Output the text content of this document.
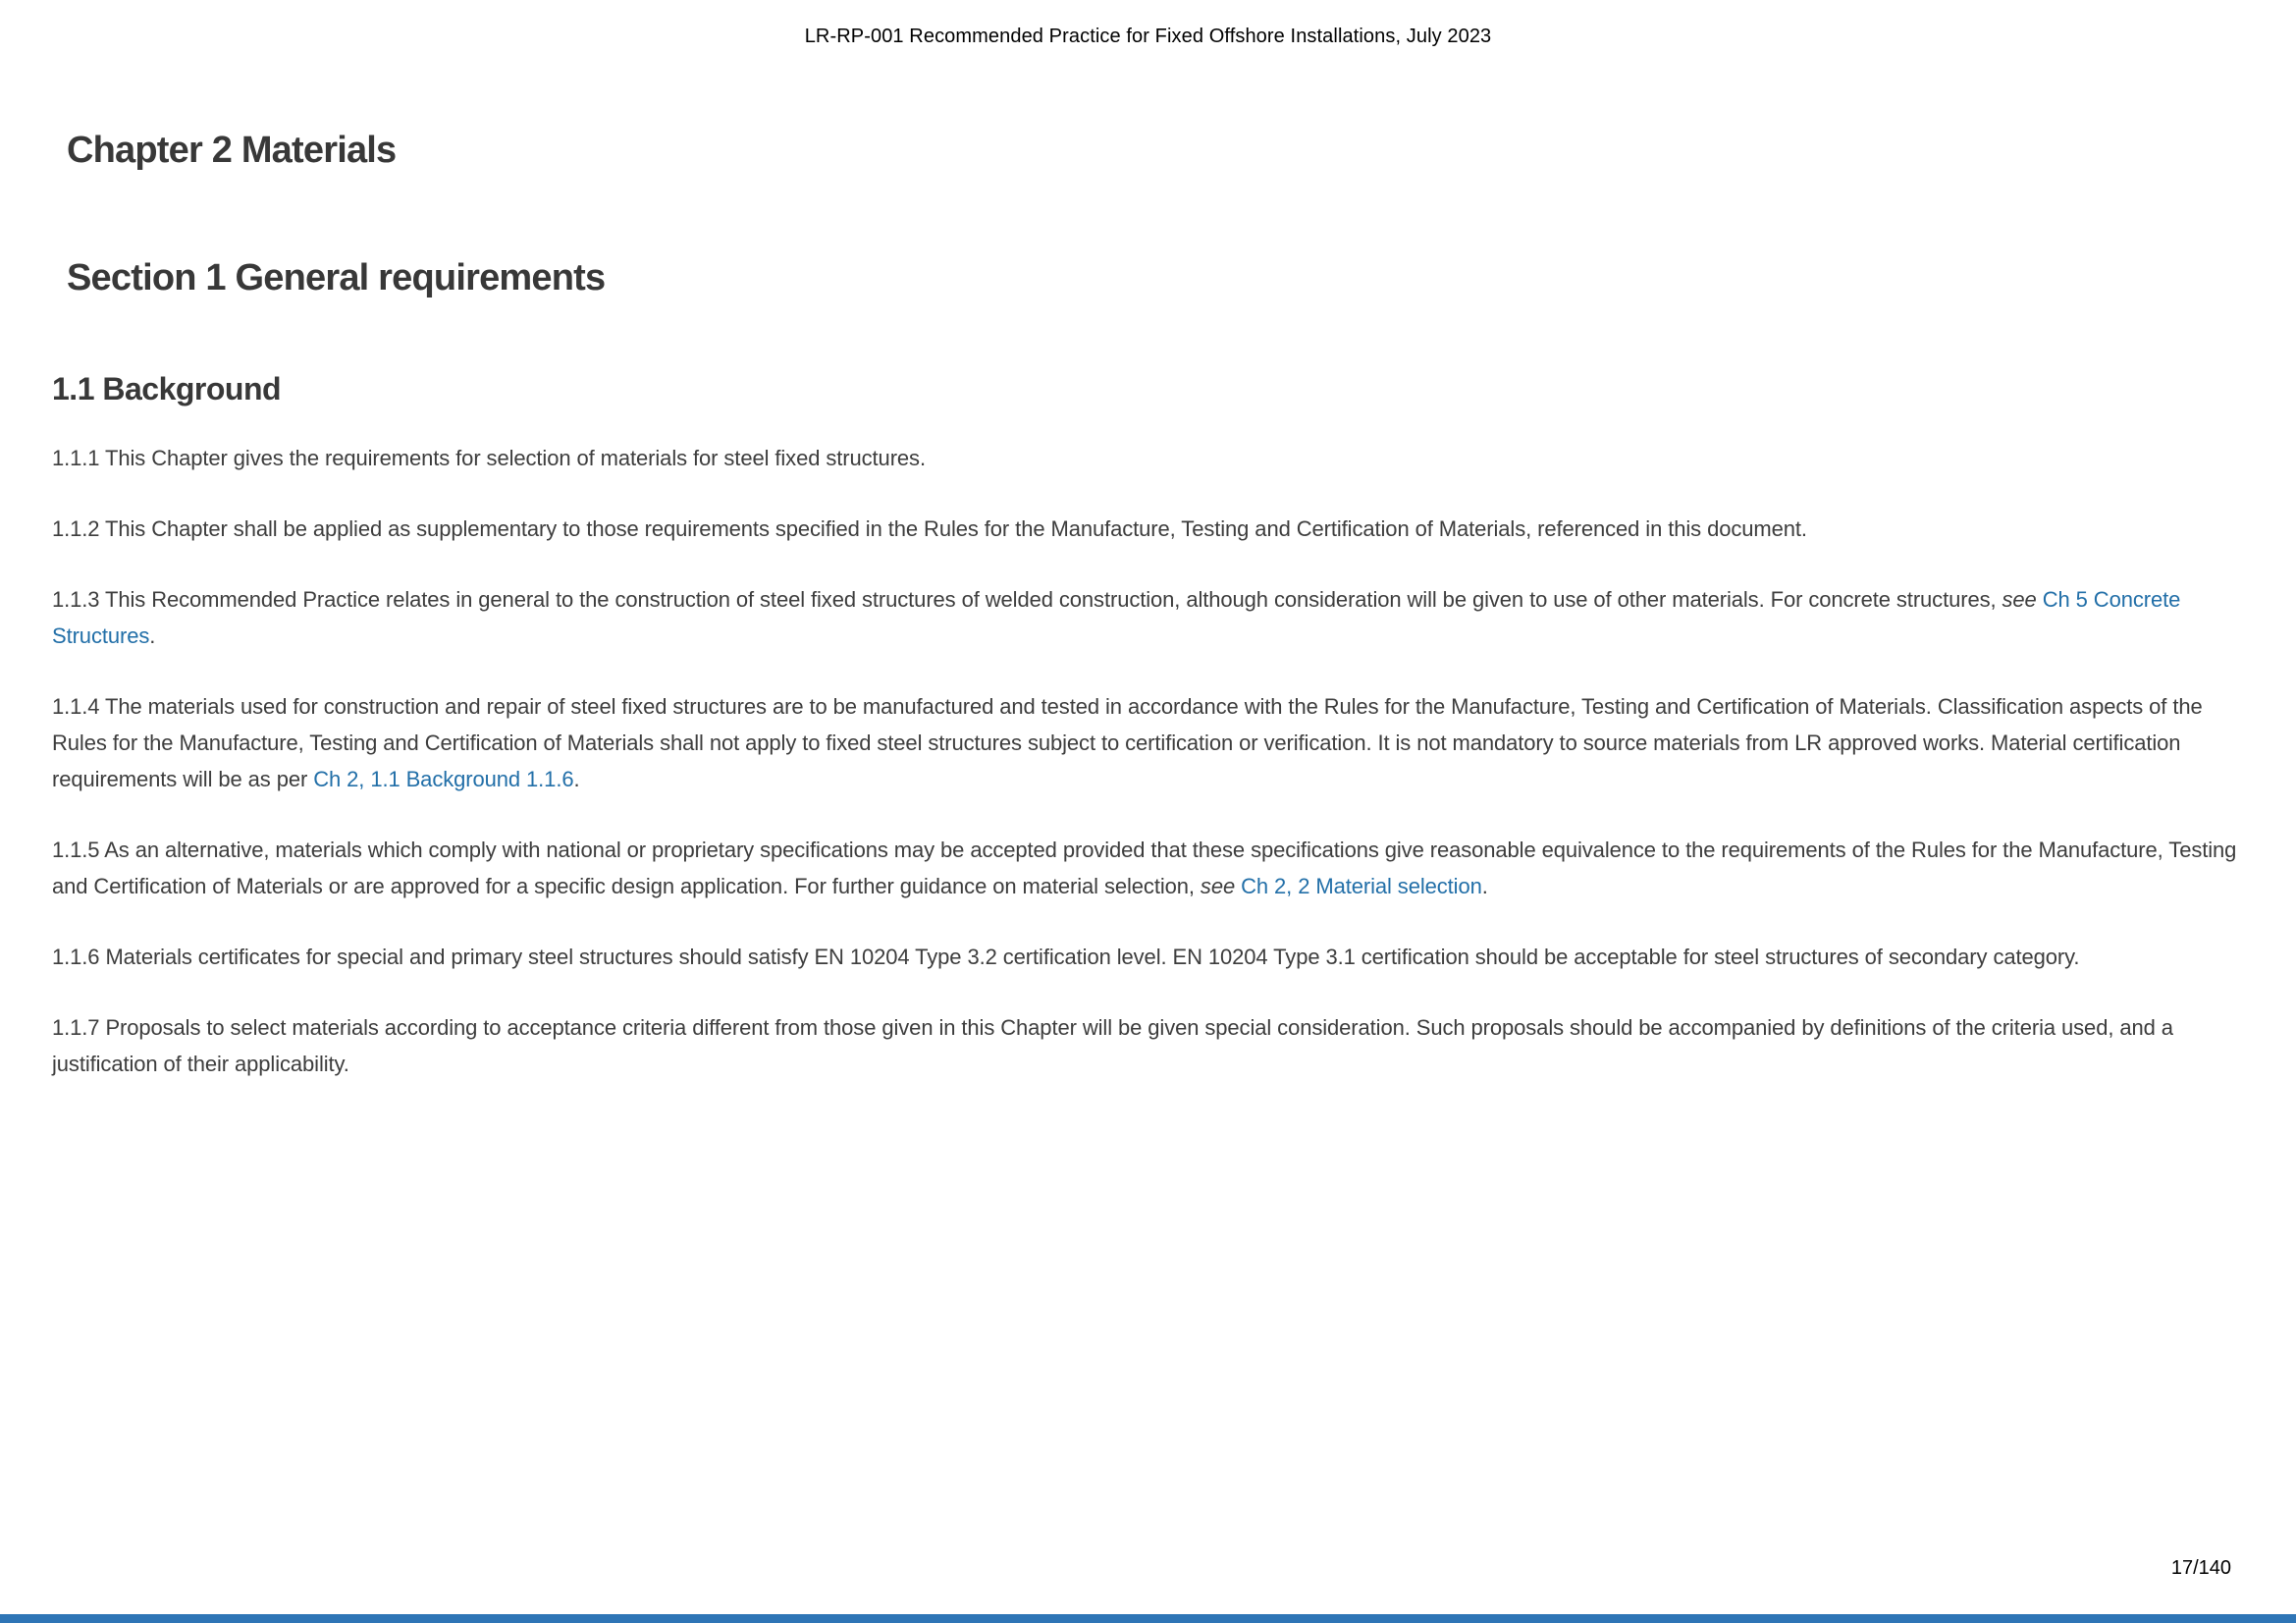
LR-RP-001 Recommended Practice for Fixed Offshore Installations, July 2023
Chapter 2 Materials
Section 1 General requirements
1.1 Background

1.1.1 This Chapter gives the requirements for selection of materials for steel fixed structures.

1.1.2 This Chapter shall be applied as supplementary to those requirements specified in the Rules for the Manufacture, Testing and Certification of Materials, referenced in this document.

1.1.3 This Recommended Practice relates in general to the construction of steel fixed structures of welded construction, although consideration will be given to use of other materials. For concrete structures, see Ch 5 Concrete Structures.

1.1.4 The materials used for construction and repair of steel fixed structures are to be manufactured and tested in accordance with the Rules for the Manufacture, Testing and Certification of Materials. Classification aspects of the Rules for the Manufacture, Testing and Certification of Materials shall not apply to fixed steel structures subject to certification or verification. It is not mandatory to source materials from LR approved works. Material certification requirements will be as per Ch 2, 1.1 Background 1.1.6.

1.1.5 As an alternative, materials which comply with national or proprietary specifications may be accepted provided that these specifications give reasonable equivalence to the requirements of the Rules for the Manufacture, Testing and Certification of Materials or are approved for a specific design application. For further guidance on material selection, see Ch 2, 2 Material selection.

1.1.6 Materials certificates for special and primary steel structures should satisfy EN 10204 Type 3.2 certification level. EN 10204 Type 3.1 certification should be acceptable for steel structures of secondary category.

1.1.7 Proposals to select materials according to acceptance criteria different from those given in this Chapter will be given special consideration. Such proposals should be accompanied by definitions of the criteria used, and a justification of their applicability.

17/140
